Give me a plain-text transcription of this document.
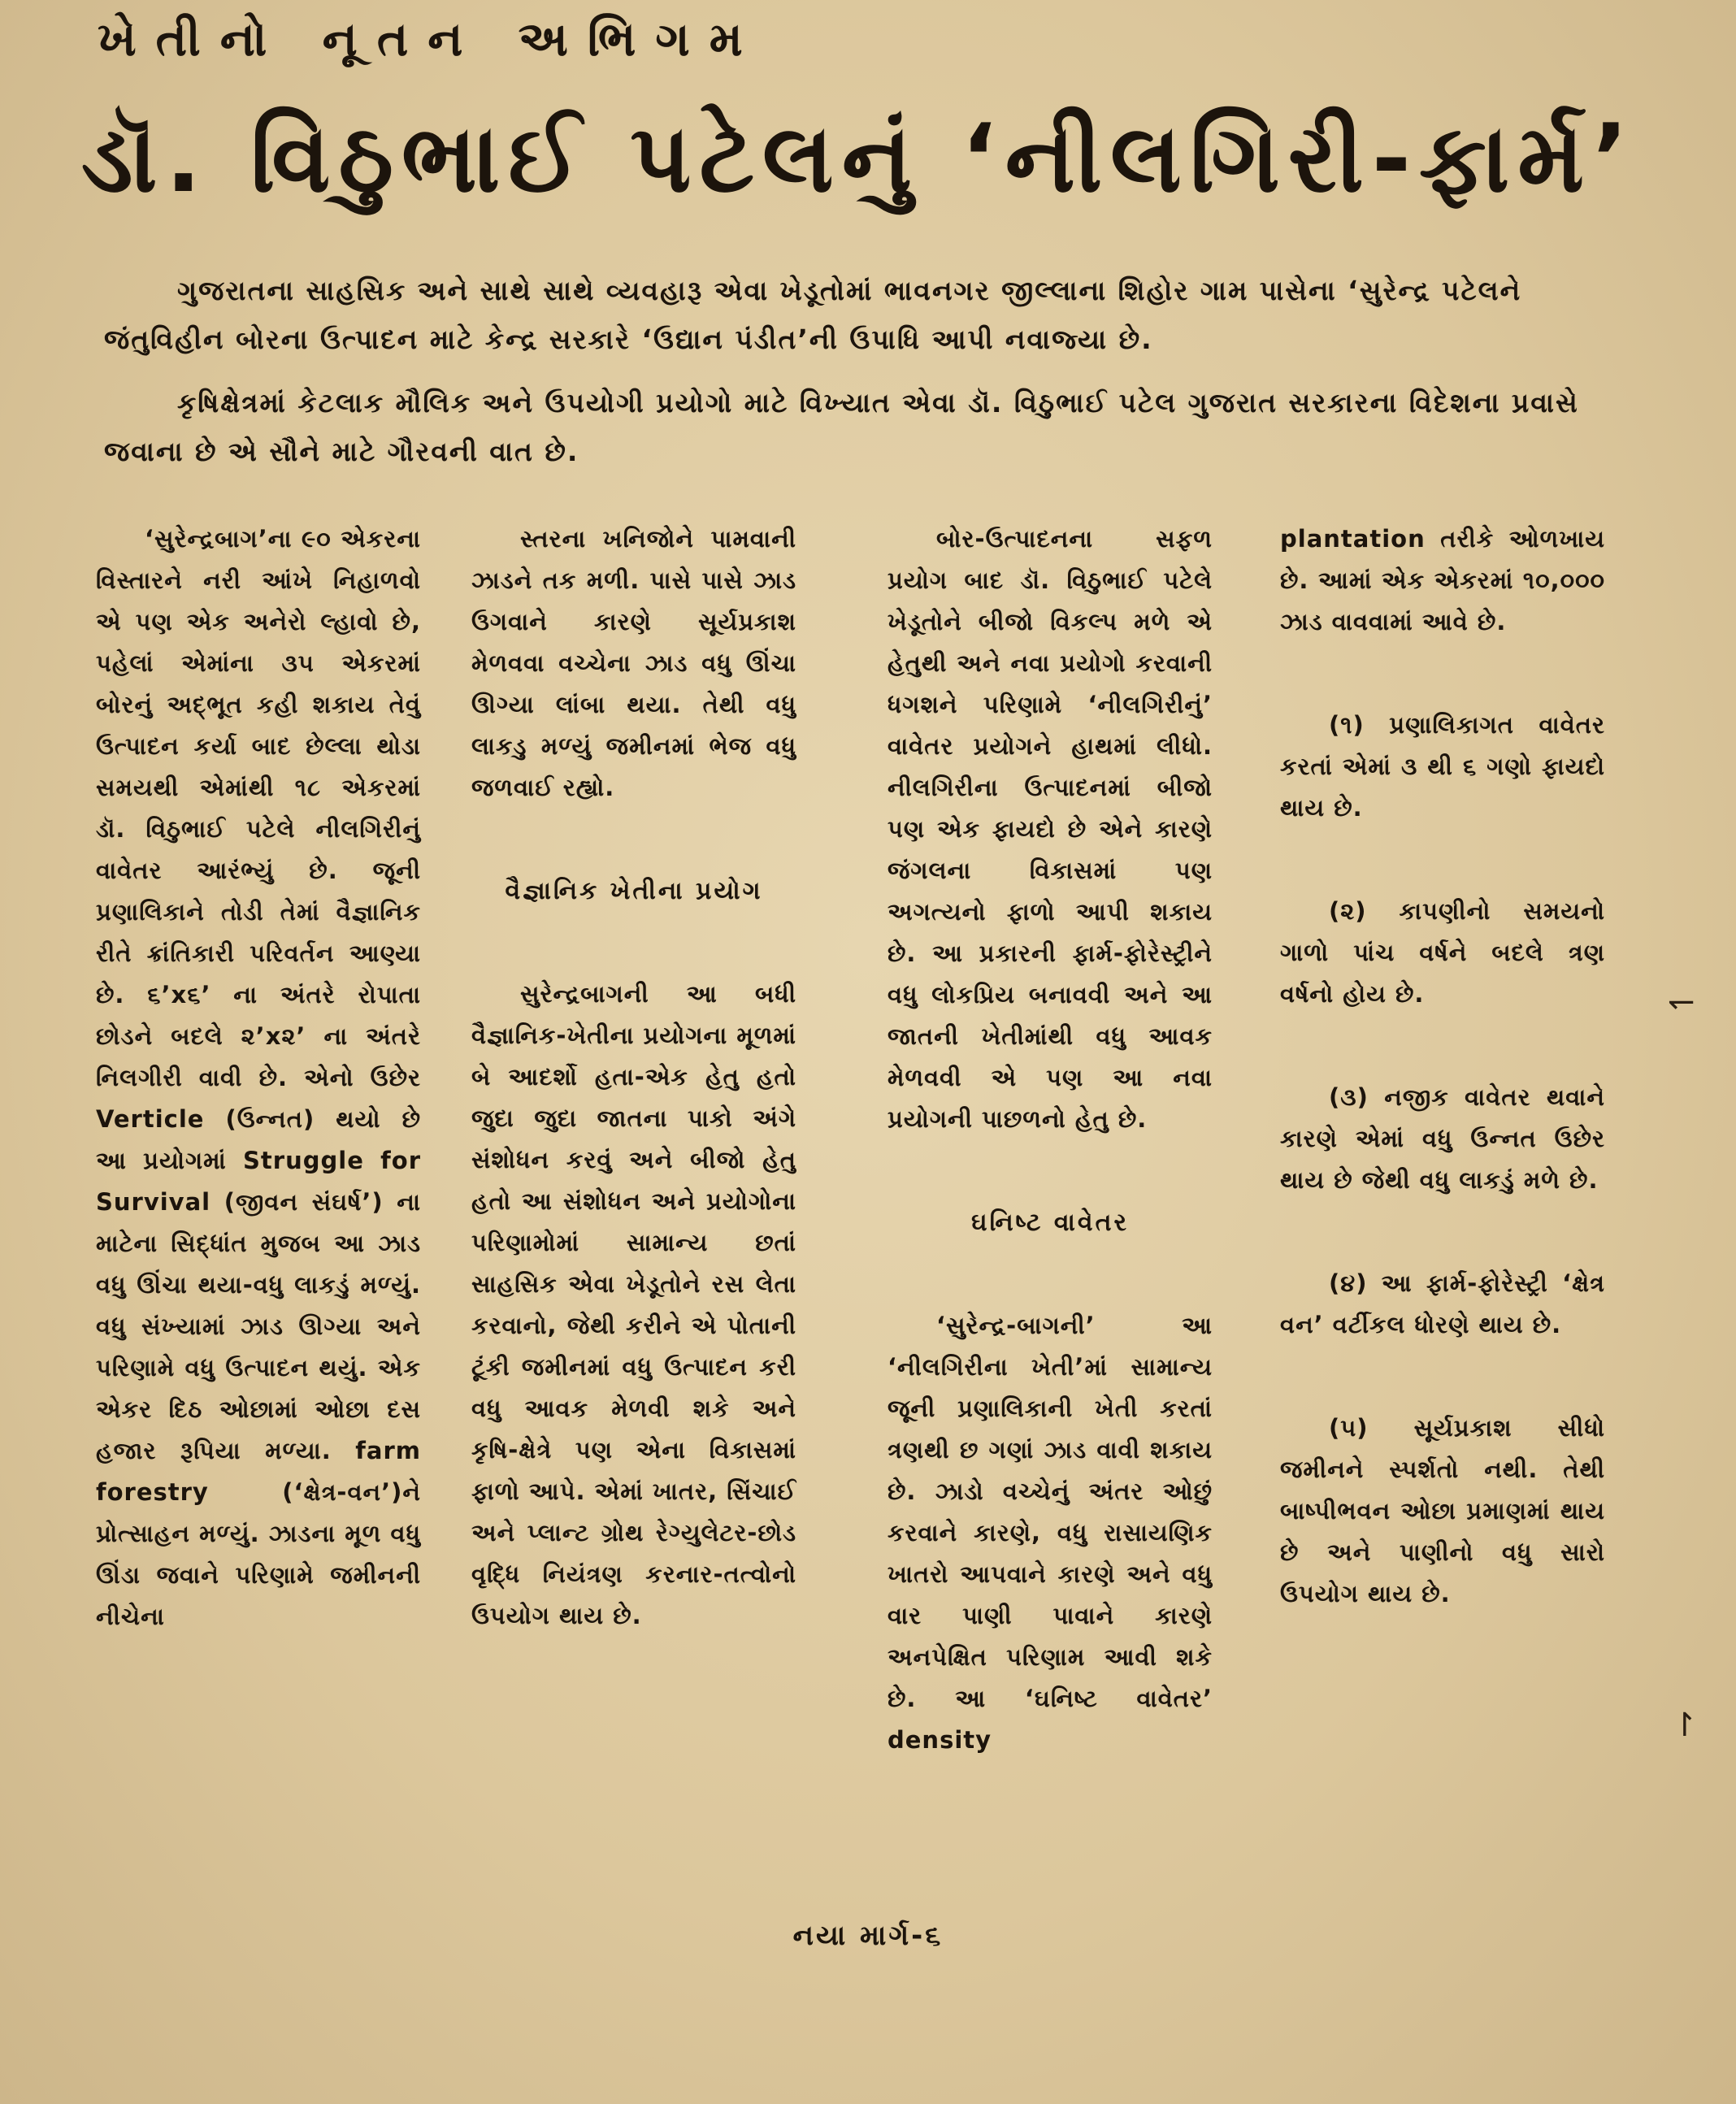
ખેતીનો નૂતન અભિગમ
ડૉ. વિઠુભાઈ પટેલનું ‘નીલગિરી-ફાર્મ’

ગુજરાતના સાહસિક અને સાથે સાથે વ્યવહારૂ એવા ખેડૂતોમાં ભાવનગર જીલ્લાના શિહોર ગામ પાસેના ‘સુરેન્દ્ર પટેલને જંતુવિહીન બોરના ઉત્પાદન માટે કેન્દ્ર સરકારે ‘ઉદ્યાન પંડીત’ની ઉપાધિ આપી નવાજ્યા છે.

કૃષિક્ષેત્રમાં કેટલાક મૌલિક અને ઉપયોગી પ્રયોગો માટે વિખ્યાત એવા ડૉ. વિઠુભાઈ પટેલ ગુજરાત સરકારના વિદેશના પ્રવાસે જવાના છે એ સૌને માટે ગૌરવની વાત છે.

‘સુરેન્દ્રબાગ’ના ૯૦ એકરના વિસ્તારને નરી આંખે નિહાળવો એ પણ એક અનેરો લ્હાવો છે, પહેલાં એમાંના ૩૫ એકરમાં બોરનું અદ્‌ભૂત કહી શકાય તેવું ઉત્પાદન કર્યા બાદ છેલ્લા થોડા સમયથી એમાંથી ૧૮ એકરમાં ડૉ. વિઠુભાઈ પટેલે નીલગિરીનું વાવેતર આરંભ્યું છે. જૂની પ્રણાલિકાને તોડી તેમાં વૈજ્ઞાનિક રીતે ક્રાંતિકારી પરિવર્તન આણ્યા છે. ૬’x૬’ ના અંતરે રોપાતા છોડને બદલે ૨’x૨’ ના અંતરે નિલગીરી વાવી છે. એનો ઉછેર Verticle (ઉન્નત) થયો છે આ પ્રયોગમાં Struggle for Survival (જીવન સંઘર્ષ’) ના માટેના સિદ્ધાંત મુજબ આ ઝાડ વધુ ઊંચા થયા-વધુ લાકડું મળ્યું. વધુ સંખ્યામાં ઝાડ ઊગ્યા અને પરિણામે વધુ ઉત્પાદન થયું. એક એકર દિઠ ઓછામાં ઓછા દસ હજાર રૂપિયા મળ્યા. farm forestry (‘ક્ષેત્ર-વન’)ને પ્રોત્સાહન મળ્યું. ઝાડના મૂળ વધુ ઊંડા જવાને પરિણામે જમીનની નીચેના

સ્તરના ખનિજોને પામવાની ઝાડને તક મળી. પાસે પાસે ઝાડ ઉગવાને કારણે સૂર્યપ્રકાશ મેળવવા વચ્ચેના ઝાડ વધુ ઊંચા ઊગ્યા લાંબા થયા. તેથી વધુ લાકડુ મળ્યું જમીનમાં ભેજ વધુ જળવાઈ રહ્યો.

વૈજ્ઞાનિક ખેતીના પ્રયોગ

સુરેન્દ્રબાગની આ બધી વૈજ્ઞાનિક-ખેતીના પ્રયોગના મૂળમાં બે આદર્શો હતા-એક હેતુ હતો જુદા જુદા જાતના પાકો અંગે સંશોધન કરવું અને બીજો હેતુ હતો આ સંશોધન અને પ્રયોગોના પરિણામોમાં સામાન્ય છતાં સાહસિક એવા ખેડૂતોને રસ લેતા કરવાનો, જેથી કરીને એ પોતાની ટૂંકી જમીનમાં વધુ ઉત્પાદન કરી વધુ આવક મેળવી શકે અને કૃષિ-ક્ષેત્રે પણ એના વિકાસમાં ફાળો આપે. એમાં ખાતર, સિંચાઈ અને પ્લાન્ટ ગ્રોથ રેગ્યુલેટર-છોડ વૃદ્ધિ નિયંત્રણ કરનાર-તત્વોનો ઉપયોગ થાય છે.

બોર-ઉત્પાદનના સફળ પ્રયોગ બાદ ડૉ. વિઠુભાઈ પટેલે ખેડૂતોને બીજો વિકલ્પ મળે એ હેતુથી અને નવા પ્રયોગો કરવાની ધગશને પરિણામે ‘નીલગિરીનું’ વાવેતર પ્રયોગને હાથમાં લીધો. નીલગિરીના ઉત્પાદનમાં બીજો પણ એક ફાયદો છે એને કારણે જંગલના વિકાસમાં પણ અગત્યનો ફાળો આપી શકાય છે. આ પ્રકારની ફાર્મ-ફોરેસ્ટ્રીને વધુ લોકપ્રિય બનાવવી અને આ જાતની ખેતીમાંથી વધુ આવક મેળવવી એ પણ આ નવા પ્રયોગની પાછળનો હેતુ છે.

ઘનિષ્ટ વાવેતર

‘સુરેન્દ્ર-બાગની’ આ ‘નીલગિરીના ખેતી’માં સામાન્ય જૂની પ્રણાલિકાની ખેતી કરતાં ત્રણથી છ ગણાં ઝાડ વાવી શકાય છે. ઝાડો વચ્ચેનું અંતર ઓછું કરવાને કારણે, વધુ રાસાયણિક ખાતરો આપવાને કારણે અને વધુ વાર પાણી પાવાને કારણે અનપેક્ષિત પરિણામ આવી શકે છે. આ ‘ઘનિષ્ટ વાવેતર’ density

plantation તરીકે ઓળખાય છે. આમાં એક એકરમાં ૧૦,૦૦૦ ઝાડ વાવવામાં આવે છે.

(૧) પ્રણાલિકાગત વાવેતર કરતાં એમાં ૩ થી ૬ ગણો ફાયદો થાય છે.

(૨) કાપણીનો સમયનો ગાળો પાંચ વર્ષને બદલે ત્રણ વર્ષનો હોય છે.

(૩) નજીક વાવેતર થવાને કારણે એમાં વધુ ઉન્નત ઉછેર થાય છે જેથી વધુ લાકડું મળે છે.

(૪) આ ફાર્મ-ફોરેસ્ટ્રી ‘ક્ષેત્ર વન’ વર્ટીકલ ધોરણે થાય છે.

(૫) સૂર્યપ્રકાશ સીધો જમીનને સ્પર્શતો નથી. તેથી બાષ્પીભવન ઓછા પ્રમાણમાં થાય છે અને પાણીનો વધુ સારો ઉપયોગ થાય છે.

↽
↾
નયા માર્ગ-૬
